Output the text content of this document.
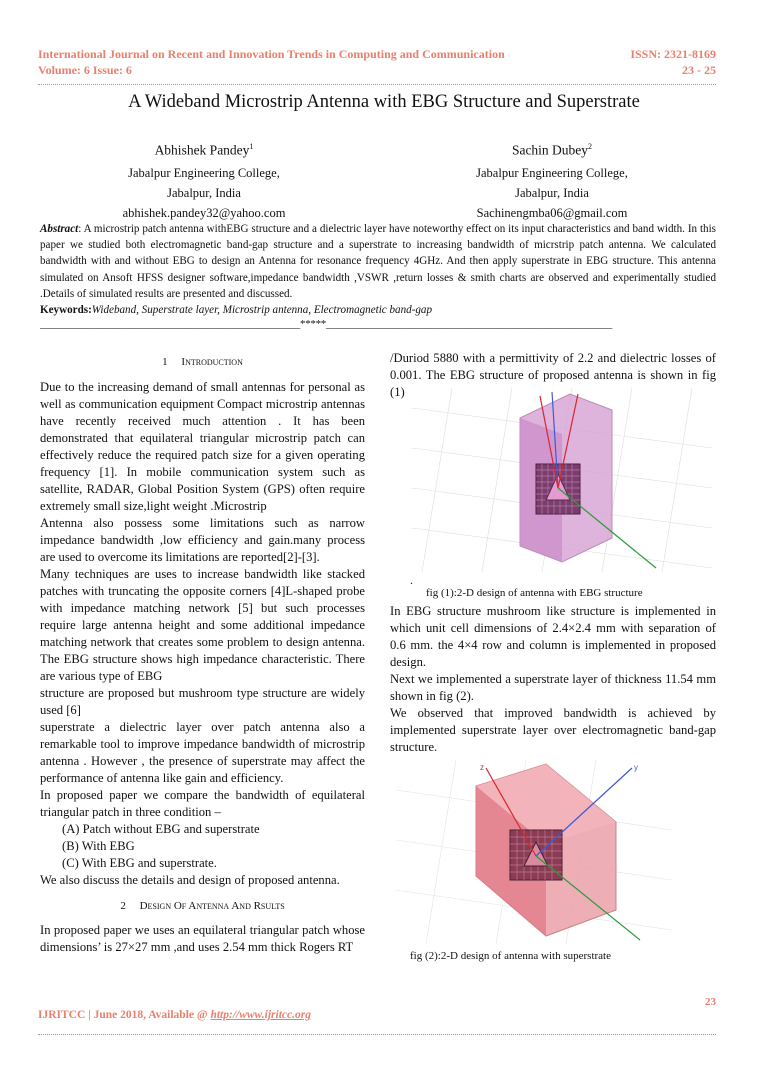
International Journal on Recent and Innovation Trends in Computing and Communication
Volume: 6 Issue: 6
ISSN: 2321-8169
23 - 25
A Wideband Microstrip Antenna with EBG Structure and Superstrate
Abhishek Pandey$^1$
Jabalpur Engineering College,
Jabalpur, India
abhishek.pandey32@yahoo.com
Sachin Dubey$^2$
Jabalpur Engineering College,
Jabalpur, India
Sachinengmba06@gmail.com
Abstract: A microstrip patch antenna withEBG structure and a dielectric layer have noteworthy effect on its input characteristics and band width. In this paper we studied both electromagnetic band-gap structure and a superstrate to increasing bandwidth of micrstrip patch antenna. We calculated bandwidth with and without EBG to design an Antenna for resonance frequency 4GHz. And then apply superstrate in EBG structure. This antenna simulated on Ansoft HFSS designer software,impedance bandwidth ,VSWR ,return losses & smith charts are observed and experimentally studied .Details of simulated results are presented and discussed.
Keywords:Wideband, Superstrate layer, Microstrip antenna, Electromagnetic band-gap
__________________________________________________*****_______________________________________________________

1 Introduction

Due to the increasing demand of small antennas for personal as well as communication equipment Compact microstrip antennas have recently received much attention . It has been demonstrated that equilateral triangular microstrip patch can effectively reduce the required patch size for a given operating frequency [1]. In mobile communication system such as satellite, RADAR, Global Position System (GPS) often require extremely small size,light weight .Microstrip

Antenna also possess some limitations such as narrow impedance bandwidth ,low efficiency and gain.many process are used to overcome its limitations are reported[2]-[3].

Many techniques are uses to increase bandwidth like stacked patches with truncating the opposite corners [4]L-shaped probe with impedance matching network [5] but such processes require large antenna height and some additional impedance matching network that creates some problem to design antenna. The EBG structure shows high impedance characteristic. There are various type of EBG

structure are proposed but mushroom type structure are widely used [6]

superstrate a dielectric layer over patch antenna also a remarkable tool to improve impedance bandwidth of microstrip antenna . However , the presence of superstrate may affect the performance of antenna like gain and efficiency.

In proposed paper we compare the bandwidth of equilateral triangular patch in three condition –

(A) Patch without EBG and superstrate

(B) With EBG

(C) With EBG and superstrate.

We also discuss the details and design of proposed antenna.

2 Design Of Antenna And Rsults

In proposed paper we uses an equilateral triangular patch whose dimensions’ is 27×27 mm ,and uses 2.54 mm thick Rogers RT

/Duriod 5880 with a permittivity of 2.2 and dielectric losses of 0.001. The EBG structure of proposed antenna is shown in fig (1)

.
fig (1):2-D design of antenna with EBG structure

In EBG structure mushroom like structure is implemented in which unit cell dimensions of 2.4×2.4 mm with separation of 0.6 mm. the 4×4 row and column is implemented in proposed design.

Next we implemented a superstrate layer of thickness 11.54 mm shown in fig (2).

We observed that improved bandwidth is achieved by implemented superstrate layer over electromagnetic band-gap structure.

z	y
fig (2):2-D design of antenna with superstrate
23
IJRITCC | June 2018, Available @ http://www.ijritcc.org
